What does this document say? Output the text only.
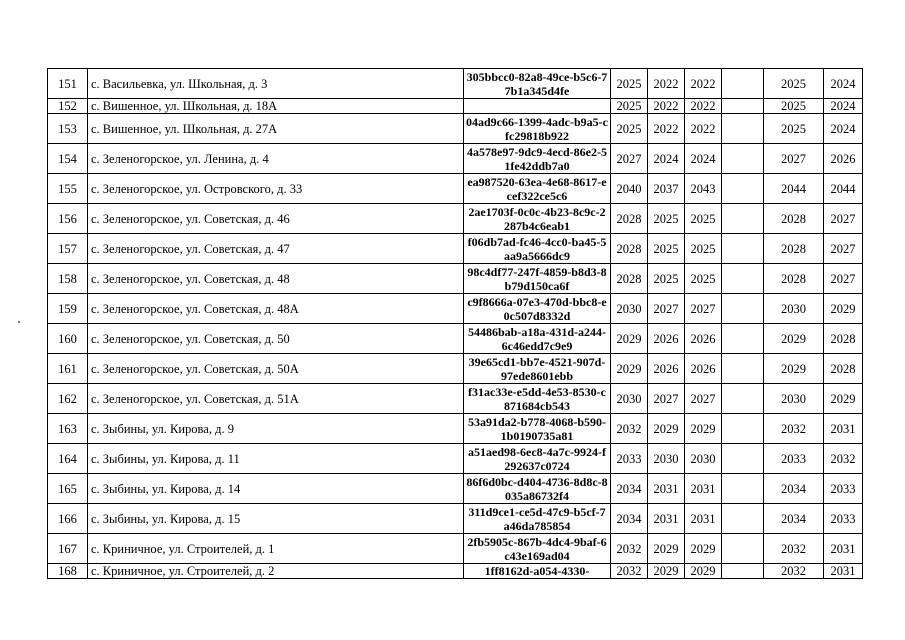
151	с. Васильевка, ул. Школьная, д. 3	305bbcc0-82a8-49ce-b5c6-77b1a345d4fe	2025	2022	2022		2025	2024
152	с. Вишенное, ул. Школьная, д. 18А		2025	2022	2022		2025	2024
153	с. Вишенное, ул. Школьная, д. 27А	04ad9c66-1399-4adc-b9a5-cfc29818b922	2025	2022	2022		2025	2024
154	с. Зеленогорское, ул. Ленина, д. 4	4a578e97-9dc9-4ecd-86e2-51fe42ddb7a0	2027	2024	2024		2027	2026
155	с. Зеленогорское, ул. Островского, д. 33	ea987520-63ea-4e68-8617-ecef322ce5c6	2040	2037	2043		2044	2044
156	с. Зеленогорское, ул. Советская, д. 46	2ae1703f-0c0c-4b23-8c9c-2287b4c6eab1	2028	2025	2025		2028	2027
157	с. Зеленогорское, ул. Советская, д. 47	f06db7ad-fc46-4cc0-ba45-5aa9a5666dc9	2028	2025	2025		2028	2027
158	с. Зеленогорское, ул. Советская, д. 48	98c4df77-247f-4859-b8d3-8b79d150ca6f	2028	2025	2025		2028	2027
159	с. Зеленогорское, ул. Советская, д. 48А	c9f8666a-07e3-470d-bbc8-e0c507d8332d	2030	2027	2027		2030	2029
160	с. Зеленогорское, ул. Советская, д. 50	54486bab-a18a-431d-a244-6c46edd7c9e9	2029	2026	2026		2029	2028
161	с. Зеленогорское, ул. Советская, д. 50А	39e65cd1-bb7e-4521-907d-97ede8601ebb	2029	2026	2026		2029	2028
162	с. Зеленогорское, ул. Советская, д. 51А	f31ac33e-e5dd-4e53-8530-c871684cb543	2030	2027	2027		2030	2029
163	с. Зыбины, ул. Кирова, д. 9	53a91da2-b778-4068-b590-1b0190735a81	2032	2029	2029		2032	2031
164	с. Зыбины, ул. Кирова, д. 11	a51aed98-6ec8-4a7c-9924-f292637c0724	2033	2030	2030		2033	2032
165	с. Зыбины, ул. Кирова, д. 14	86f6d0bc-d404-4736-8d8c-8035a86732f4	2034	2031	2031		2034	2033
166	с. Зыбины, ул. Кирова, д. 15	311d9ce1-ce5d-47c9-b5cf-7a46da785854	2034	2031	2031		2034	2033
167	с. Криничное, ул. Строителей, д. 1	2fb5905c-867b-4dc4-9baf-6c43e169ad04	2032	2029	2029		2032	2031
168	с. Криничное, ул. Строителей, д. 2	1ff8162d-a054-4330-	2032	2029	2029		2032	2031
